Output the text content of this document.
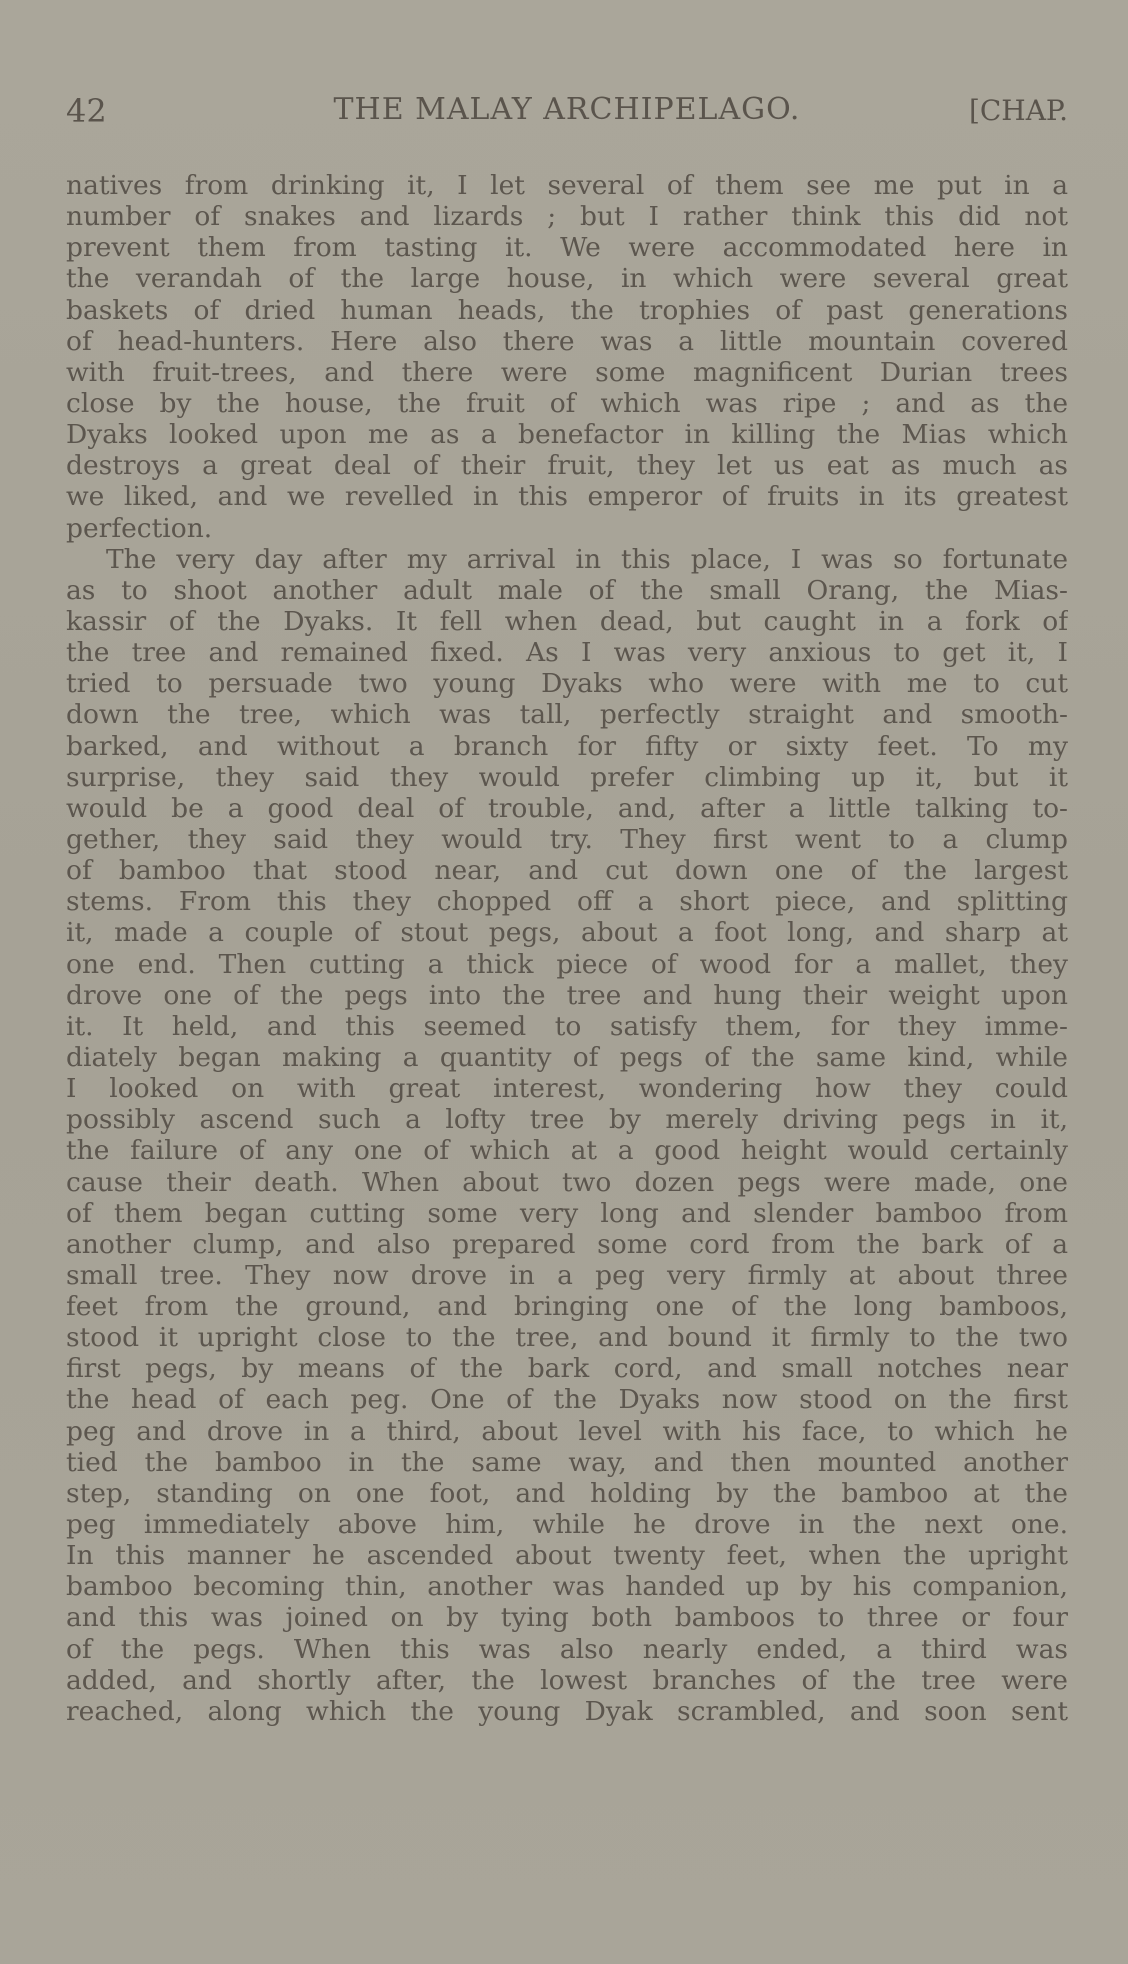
42	THE MALAY ARCHIPELAGO.	[CHAP.
natives from drinking it, I let several of them see me put in a
number of snakes and lizards ; but I rather think this did not
prevent them from tasting it. We were accommodated here in
the verandah of the large house, in which were several great
baskets of dried human heads, the trophies of past generations
of head-hunters. Here also there was a little mountain covered
with fruit-trees, and there were some magnificent Durian trees
close by the house, the fruit of which was ripe ; and as the
Dyaks looked upon me as a benefactor in killing the Mias which
destroys a great deal of their fruit, they let us eat as much as
we liked, and we revelled in this emperor of fruits in its greatest
perfection.
The very day after my arrival in this place, I was so fortunate
as to shoot another adult male of the small Orang, the Mias-
kassir of the Dyaks. It fell when dead, but caught in a fork of
the tree and remained fixed. As I was very anxious to get it, I
tried to persuade two young Dyaks who were with me to cut
down the tree, which was tall, perfectly straight and smooth-
barked, and without a branch for fifty or sixty feet. To my
surprise, they said they would prefer climbing up it, but it
would be a good deal of trouble, and, after a little talking to-
gether, they said they would try. They first went to a clump
of bamboo that stood near, and cut down one of the largest
stems. From this they chopped off a short piece, and splitting
it, made a couple of stout pegs, about a foot long, and sharp at
one end. Then cutting a thick piece of wood for a mallet, they
drove one of the pegs into the tree and hung their weight upon
it. It held, and this seemed to satisfy them, for they imme-
diately began making a quantity of pegs of the same kind, while
I looked on with great interest, wondering how they could
possibly ascend such a lofty tree by merely driving pegs in it,
the failure of any one of which at a good height would certainly
cause their death. When about two dozen pegs were made, one
of them began cutting some very long and slender bamboo from
another clump, and also prepared some cord from the bark of a
small tree. They now drove in a peg very firmly at about three
feet from the ground, and bringing one of the long bamboos,
stood it upright close to the tree, and bound it firmly to the two
first pegs, by means of the bark cord, and small notches near
the head of each peg. One of the Dyaks now stood on the first
peg and drove in a third, about level with his face, to which he
tied the bamboo in the same way, and then mounted another
step, standing on one foot, and holding by the bamboo at the
peg immediately above him, while he drove in the next one.
In this manner he ascended about twenty feet, when the upright
bamboo becoming thin, another was handed up by his companion,
and this was joined on by tying both bamboos to three or four
of the pegs. When this was also nearly ended, a third was
added, and shortly after, the lowest branches of the tree were
reached, along which the young Dyak scrambled, and soon sent
